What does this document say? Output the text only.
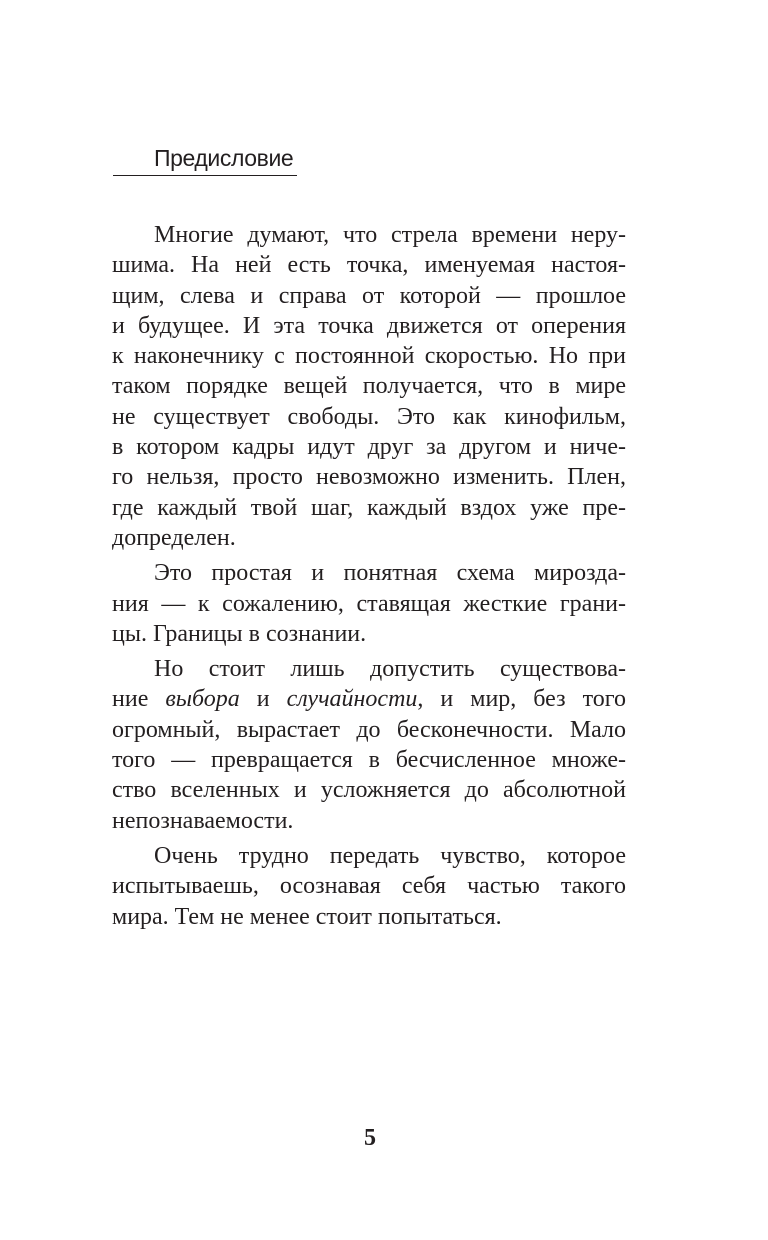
Предисловие
Многие думают, что стрела времени неру-
шима. На ней есть точка, именуемая настоя-
щим, слева и справа от которой — прошлое
и будущее. И эта точка движется от оперения
к наконечнику с постоянной скоростью. Но при
таком порядке вещей получается, что в мире
не существует свободы. Это как кинофильм,
в котором кадры идут друг за другом и ниче-
го нельзя, просто невозможно изменить. Плен,
где каждый твой шаг, каждый вздох уже пре-
допределен.
Это простая и понятная схема мирозда-
ния — к сожалению, ставящая жесткие грани-
цы. Границы в сознании.
Но стоит лишь допустить существова-
ние выбора и случайности, и мир, без того
огромный, вырастает до бесконечности. Мало
того — превращается в бесчисленное множе-
ство вселенных и усложняется до абсолютной
непознаваемости.
Очень трудно передать чувство, которое
испытываешь, осознавая себя частью такого
мира. Тем не менее стоит попытаться.
5
